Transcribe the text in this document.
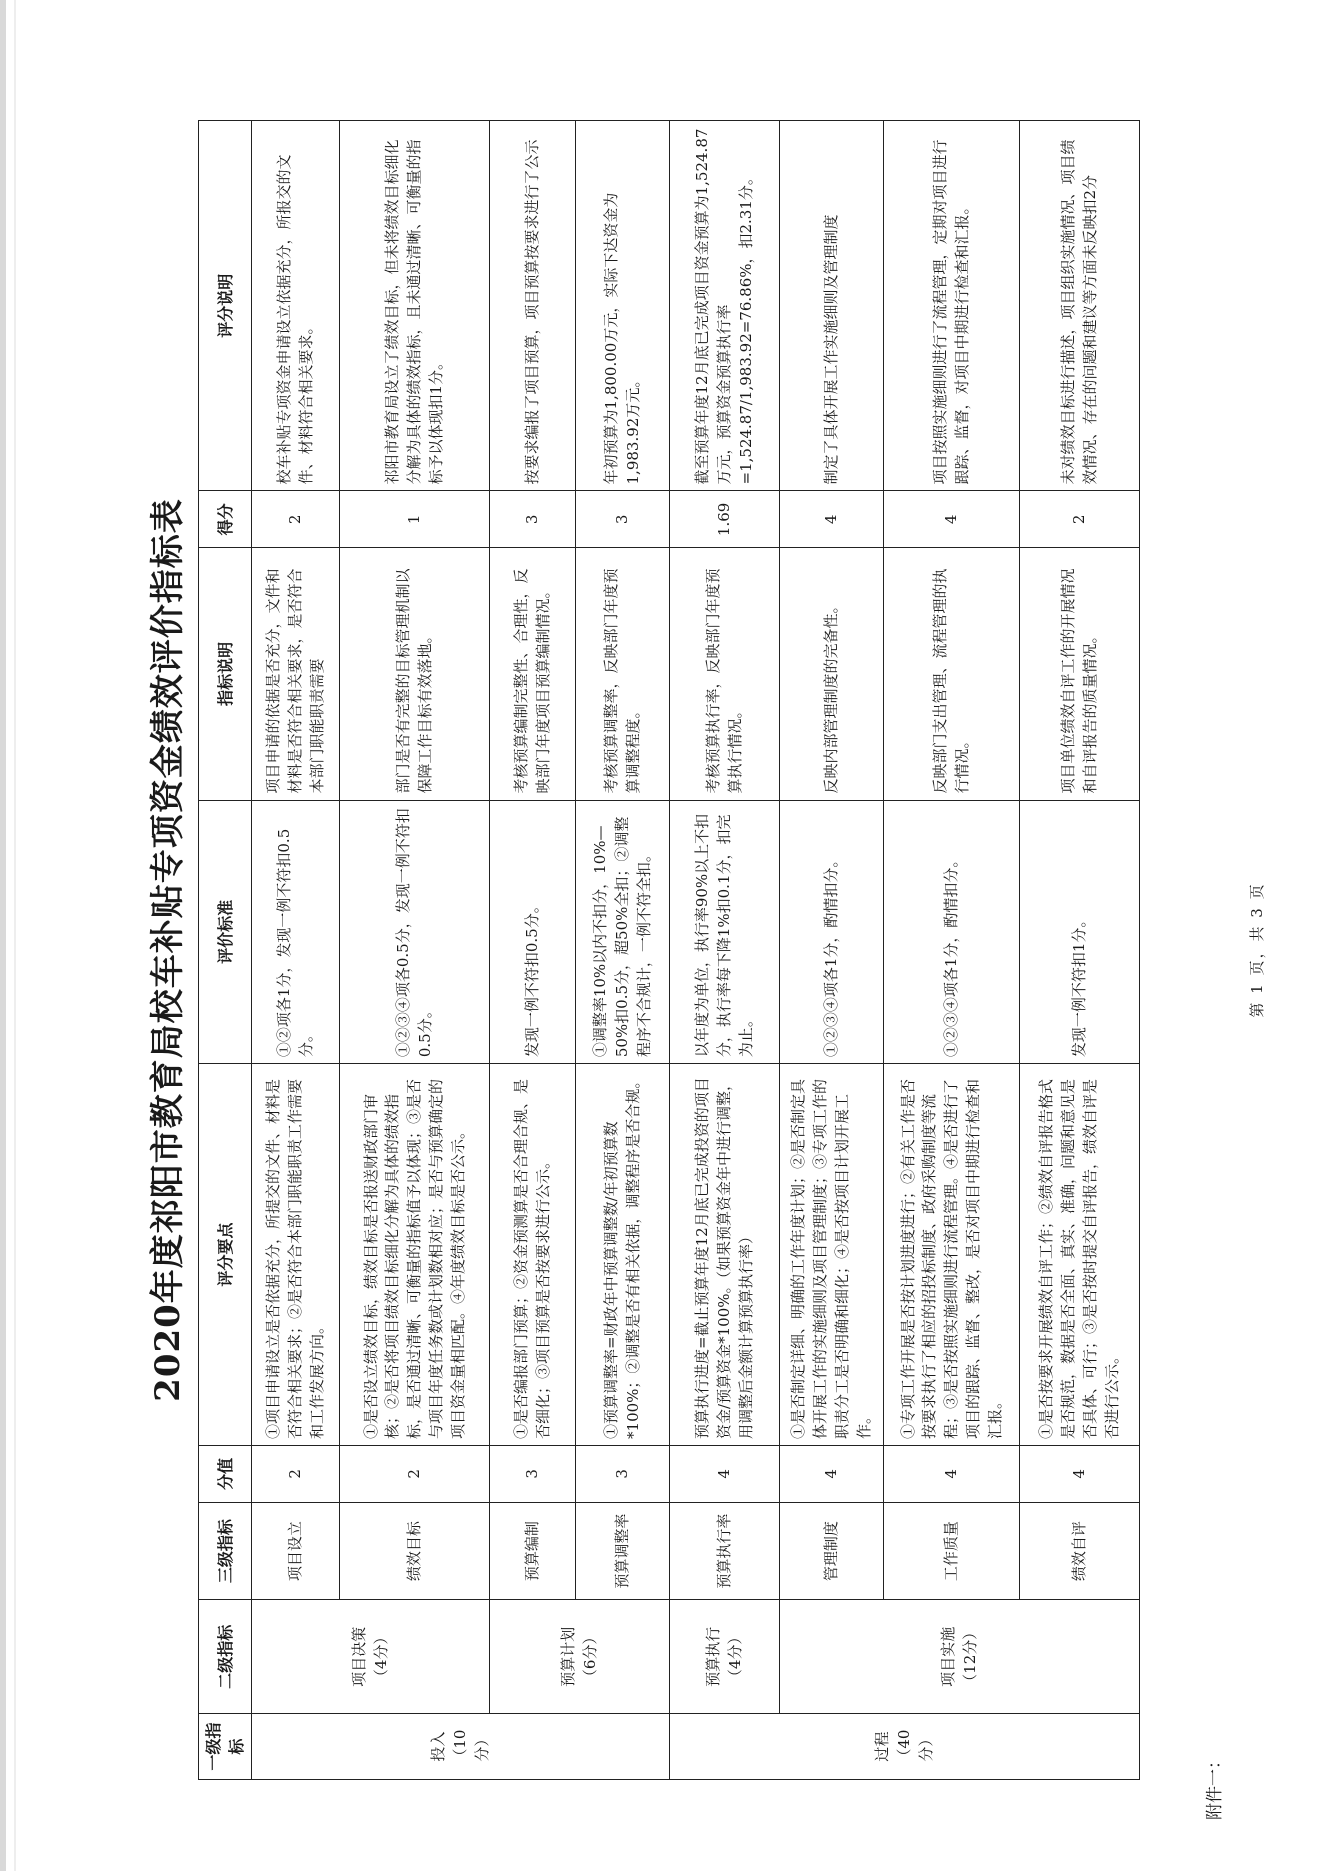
附件一：
2020年度祁阳市教育局校车补贴专项资金绩效评价指标表
一级指标	二级指标	三级指标	分值	评分要点	评价标准	指标说明	得分	评分说明
投入
（10分）	项目决策
（4分）	项目设立	2	①项目申请设立是否依据充分，所提交的文件、材料是否符合相关要求；②是否符合本部门职能职责工作需要和工作发展方向。	①②项各1分，发现一例不符扣0.5分。	项目申请的依据是否充分，文件和材料是否符合相关要求，是否符合本部门职能职责需要	2	校车补贴专项资金申请设立依据充分，所报交的文件、材料符合相关要求。
		绩效目标	2	①是否设立绩效目标，绩效目标是否报送财政部门审核；②是否将项目绩效目标细化分解为具体的绩效指标，是否通过清晰、可衡量的指标值予以体现；③是否与项目年度任务数或计划数相对应；是否与预算确定的项目资金量相匹配。④年度绩效目标是否公示。	①②③④项各0.5分，发现一例不符扣0.5分。	部门是否有完整的目标管理机制以保障工作目标有效落地。	1	祁阳市教育局设立了绩效目标，但未将绩效目标细化分解为具体的绩效指标，且未通过清晰、可衡量的指标予以体现扣1分。
	预算计划
（6分）	预算编制	3	①是否编报部门预算；②资金预测算是否合理合规、是否细化；③项目预算是否按要求进行公示。	发现一例不符扣0.5分。	考核预算编制完整性、合理性，反映部门年度项目预算编制情况。	3	按要求编报了项目预算，项目预算按要求进行了公示
		预算调整率	3	①预算调整率=财政年中预算调整数/年初预算数*100%；②调整是否有相关依据，调整程序是否合规。	①调整率10%以内不扣分，10%—50%扣0.5分，超50%全扣；②调整程序不合规计，一例不符全扣。	考核预算调整率，反映部门年度预算调整程度。	3	年初预算为1,800.00万元，实际下达资金为1,983.92万元。
过程
（40分）	预算执行
（4分）	预算执行率	4	预算执行进度=截止预算年度12月底已完成投资的项目资金/预算资金*100%。（如果预算资金年中进行调整，用调整后金额计算预算执行率）	以年度为单位，执行率90%以上不扣分，执行率每下降1%扣0.1分，扣完为止。	考核预算执行率，反映部门年度预算执行情况。	1.69	截至预算年度12月底已完成项目资金预算为1,524.87万元，预算资金预算执行率=1,524.87/1,983.92=76.86%，扣2.31分。
	项目实施
（12分）	管理制度	4	①是否制定详细、明确的工作年度计划；②是否制定具体开展工作的实施细则及项目管理制度；③专项工作的职责分工是否明确和细化；④是否按项目计划开展工作。	①②③④项各1分，酌情扣分。	反映内部管理制度的完备性。	4	制定了具体开展工作实施细则及管理制度
		工作质量	4	①专项工作开展是否按计划进度进行；②有关工作是否按要求执行了相应的招投标制度、政府采购制度等流程；③是否按照实施细则进行流程管理。④是否进行了项目的跟踪、监督、整改，是否对项目中期进行检查和汇报。	①②③④项各1分，酌情扣分。	反映部门支出管理、流程管理的执行情况。	4	项目按照实施细则进行了流程管理，定期对项目进行跟踪、监督，对项目中期进行检查和汇报。
		绩效自评	4	①是否按要求开展绩效自评工作；②绩效自评报告格式是否规范，数据是否全面、真实、准确，问题和意见是否具体、可行；③是否按时提交自评报告，绩效自评是否进行公示。	发现一例不符扣1分。	项目单位绩效自评工作的开展情况和自评报告的质量情况。	2	未对绩效目标进行描述，项目组织实施情况、项目绩效情况、存在的问题和建议等方面未反映扣2分
第 1 页，共 3 页
